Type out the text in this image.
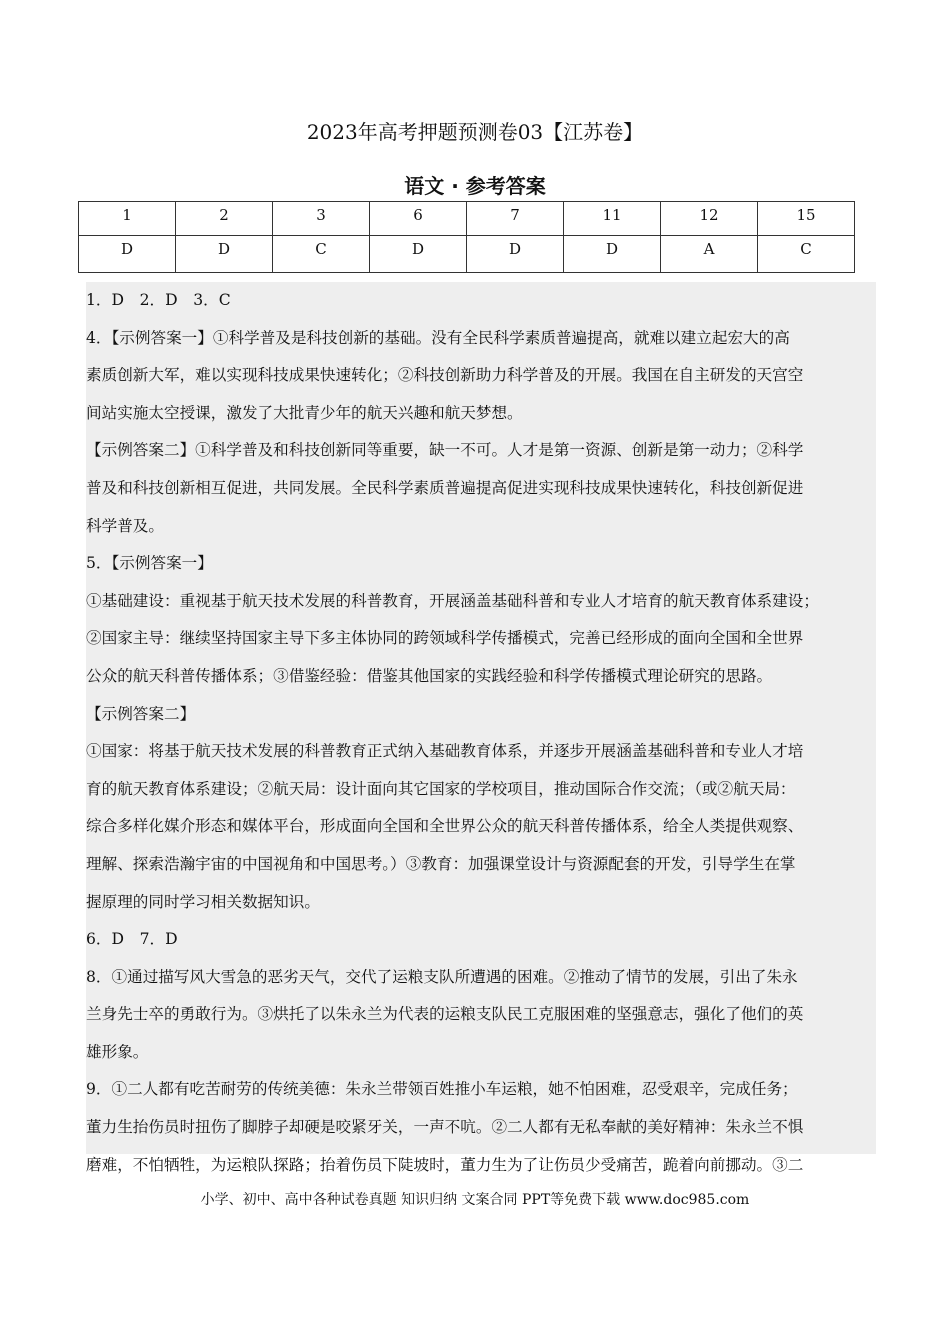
2023年高考押题预测卷03【江苏卷】
语文 · 参考答案
1	2	3	6	7	11	12	15
D	D	C	D	D	D	A	C
1．D　2．D　3．C
4．【示例答案一】①科学普及是科技创新的基础。没有全民科学素质普遍提高，就难以建立起宏大的高
素质创新大军，难以实现科技成果快速转化；②科技创新助力科学普及的开展。我国在自主研发的天宫空
间站实施太空授课，激发了大批青少年的航天兴趣和航天梦想。
【示例答案二】①科学普及和科技创新同等重要，缺一不可。人才是第一资源、创新是第一动力；②科学
普及和科技创新相互促进，共同发展。全民科学素质普遍提高促进实现科技成果快速转化，科技创新促进
科学普及。
5．【示例答案一】
①基础建设：重视基于航天技术发展的科普教育，开展涵盖基础科普和专业人才培育的航天教育体系建设；
②国家主导：继续坚持国家主导下多主体协同的跨领域科学传播模式，完善已经形成的面向全国和全世界
公众的航天科普传播体系；③借鉴经验：借鉴其他国家的实践经验和科学传播模式理论研究的思路。
【示例答案二】
①国家：将基于航天技术发展的科普教育正式纳入基础教育体系，并逐步开展涵盖基础科普和专业人才培
育的航天教育体系建设；②航天局：设计面向其它国家的学校项目，推动国际合作交流；（或②航天局：
综合多样化媒介形态和媒体平台，形成面向全国和全世界公众的航天科普传播体系，给全人类提供观察、
理解、探索浩瀚宇宙的中国视角和中国思考。）③教育：加强课堂设计与资源配套的开发，引导学生在掌
握原理的同时学习相关数据知识。
6．D　7．D
8．①通过描写风大雪急的恶劣天气，交代了运粮支队所遭遇的困难。②推动了情节的发展，引出了朱永
兰身先士卒的勇敢行为。③烘托了以朱永兰为代表的运粮支队民工克服困难的坚强意志，强化了他们的英
雄形象。
9．①二人都有吃苦耐劳的传统美德：朱永兰带领百姓推小车运粮，她不怕困难，忍受艰辛，完成任务；
董力生抬伤员时扭伤了脚脖子却硬是咬紧牙关，一声不吭。②二人都有无私奉献的美好精神：朱永兰不惧
磨难，不怕牺牲，为运粮队探路；抬着伤员下陡坡时，董力生为了让伤员少受痛苦，跪着向前挪动。③二
小学、初中、高中各种试卷真题 知识归纳 文案合同 PPT等免费下载 www.doc985.com
